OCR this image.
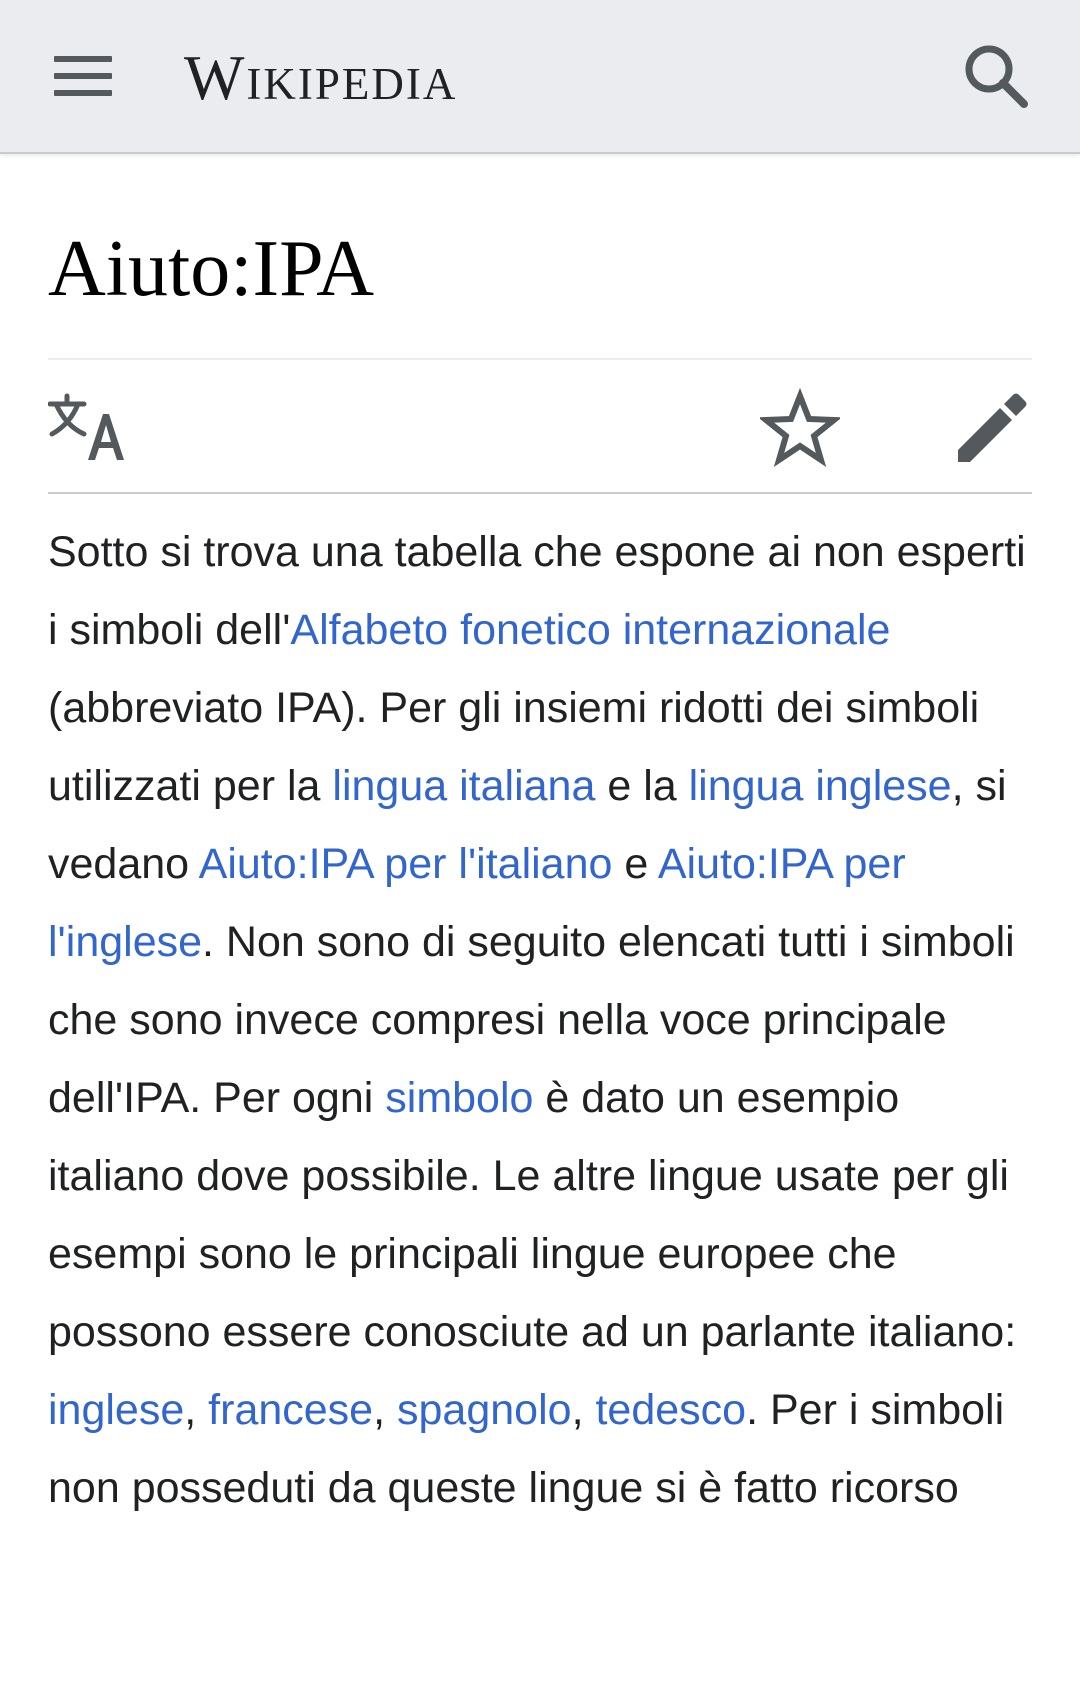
Wikipedia
Aiuto:IPA

Sotto si trova una tabella che espone ai non esperti i simboli dell'Alfabeto fonetico internazionale (abbreviato IPA). Per gli insiemi ridotti dei simboli utilizzati per la lingua italiana e la lingua inglese, si vedano Aiuto:IPA per l'italiano e Aiuto:IPA per l'inglese. Non sono di seguito elencati tutti i simboli che sono invece compresi nella voce principale dell'IPA. Per ogni simbolo è dato un esempio italiano dove possibile. Le altre lingue usate per gli esempi sono le principali lingue europee che possono essere conosciute ad un parlante italiano: inglese, francese, spagnolo, tedesco. Per i simboli non posseduti da queste lingue si è fatto ricorso
